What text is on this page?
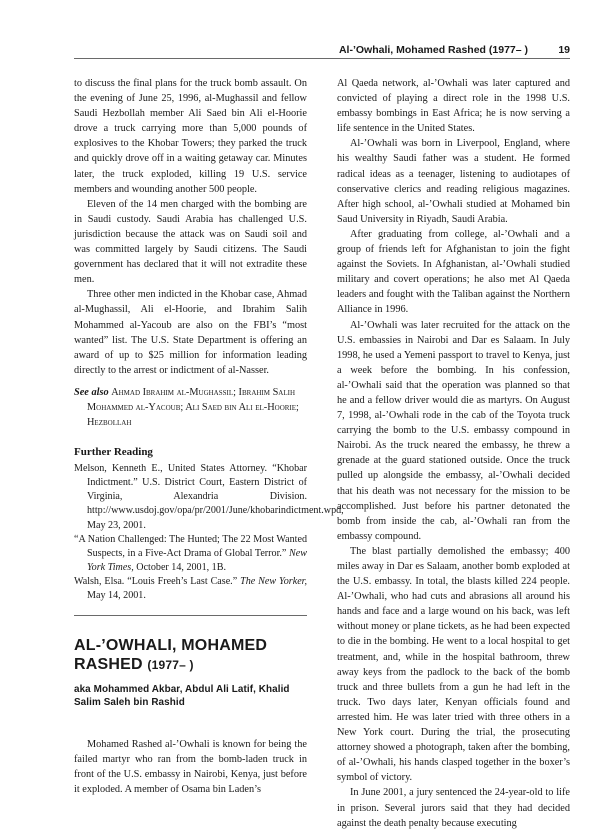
Al-’Owhali, Mohamed Rashed (1977– )	19

to discuss the final plans for the truck bomb assault. On the evening of June 25, 1996, al-Mughassil and fellow Saudi Hezbollah member Ali Saed bin Ali el-Hoorie drove a truck carrying more than 5,000 pounds of explosives to the Khobar Towers; they parked the truck and quickly drove off in a waiting getaway car. Minutes later, the truck exploded, killing 19 U.S. service members and wounding another 500 people.

Eleven of the 14 men charged with the bombing are in Saudi custody. Saudi Arabia has challenged U.S. jurisdiction because the attack was on Saudi soil and was committed largely by Saudi citizens. The Saudi government has declared that it will not extradite these men.

Three other men indicted in the Khobar case, Ahmad al-Mughassil, Ali el-Hoorie, and Ibrahim Salih Mohammed al-Yacoub are also on the FBI’s “most wanted” list. The U.S. State Department is offering an award of up to $25 million for information leading directly to the arrest or indictment of al-Nasser.

See also Ahmad Ibrahim al-Mughassil; Ibrahim Salih Mohammed al-Yacoub; Ali Saed bin Ali el-Hoorie; Hezbollah

Further Reading

Melson, Kenneth E., United States Attorney. “Khobar Indictment.” U.S. District Court, Eastern District of Virginia, Alexandria Division. http://www.usdoj.gov/opa/pr/2001/June/khobarindictment.wpd, May 23, 2001.

“A Nation Challenged: The Hunted; The 22 Most Wanted Suspects, in a Five-Act Drama of Global Terror.” New York Times, October 14, 2001, 1B.

Walsh, Elsa. “Louis Freeh’s Last Case.” The New Yorker, May 14, 2001.

AL-’OWHALI, MOHAMED
RASHED (1977– )

aka Mohammed Akbar, Abdul Ali Latif, Khalid Salim Saleh bin Rashid

Mohamed Rashed al-’Owhali is known for being the failed martyr who ran from the bomb-laden truck in front of the U.S. embassy in Nairobi, Kenya, just before it exploded. A member of Osama bin Laden’s

Al Qaeda network, al-’Owhali was later captured and convicted of playing a direct role in the 1998 U.S. embassy bombings in East Africa; he is now serving a life sentence in the United States.

Al-’Owhali was born in Liverpool, England, where his wealthy Saudi father was a student. He formed radical ideas as a teenager, listening to audiotapes of conservative clerics and reading religious magazines. After high school, al-’Owhali studied at Mohamed bin Saud University in Riyadh, Saudi Arabia.

After graduating from college, al-’Owhali and a group of friends left for Afghanistan to join the fight against the Soviets. In Afghanistan, al-’Owhali studied military and covert operations; he also met Al Qaeda leaders and fought with the Taliban against the Northern Alliance in 1996.

Al-’Owhali was later recruited for the attack on the U.S. embassies in Nairobi and Dar es Salaam. In July 1998, he used a Yemeni passport to travel to Kenya, just a week before the bombing. In his confession, al-’Owhali said that the operation was planned so that he and a fellow driver would die as martyrs. On August 7, 1998, al-’Owhali rode in the cab of the Toyota truck carrying the bomb to the U.S. embassy compound in Nairobi. As the truck neared the embassy, he threw a grenade at the guard stationed outside. Once the truck pulled up alongside the embassy, al-’Owhali decided that his death was not necessary for the mission to be accomplished. Just before his partner detonated the bomb from inside the cab, al-’Owhali ran from the embassy compound.

The blast partially demolished the embassy; 400 miles away in Dar es Salaam, another bomb exploded at the U.S. embassy. In total, the blasts killed 224 people. Al-’Owhali, who had cuts and abrasions all around his hands and face and a large wound on his back, was left without money or plane tickets, as he had been expected to die in the bombing. He went to a local hospital to get treatment, and, while in the hospital bathroom, threw away keys from the padlock to the back of the bomb truck and three bullets from a gun he had left in the truck. Two days later, Kenyan officials found and arrested him. He was later tried with three others in a New York court. During the trial, the prosecuting attorney showed a photograph, taken after the bombing, of al-’Owhali, his hands clasped together in the boxer’s symbol of victory.

In June 2001, a jury sentenced the 24-year-old to life in prison. Several jurors said that they had decided against the death penalty because executing
